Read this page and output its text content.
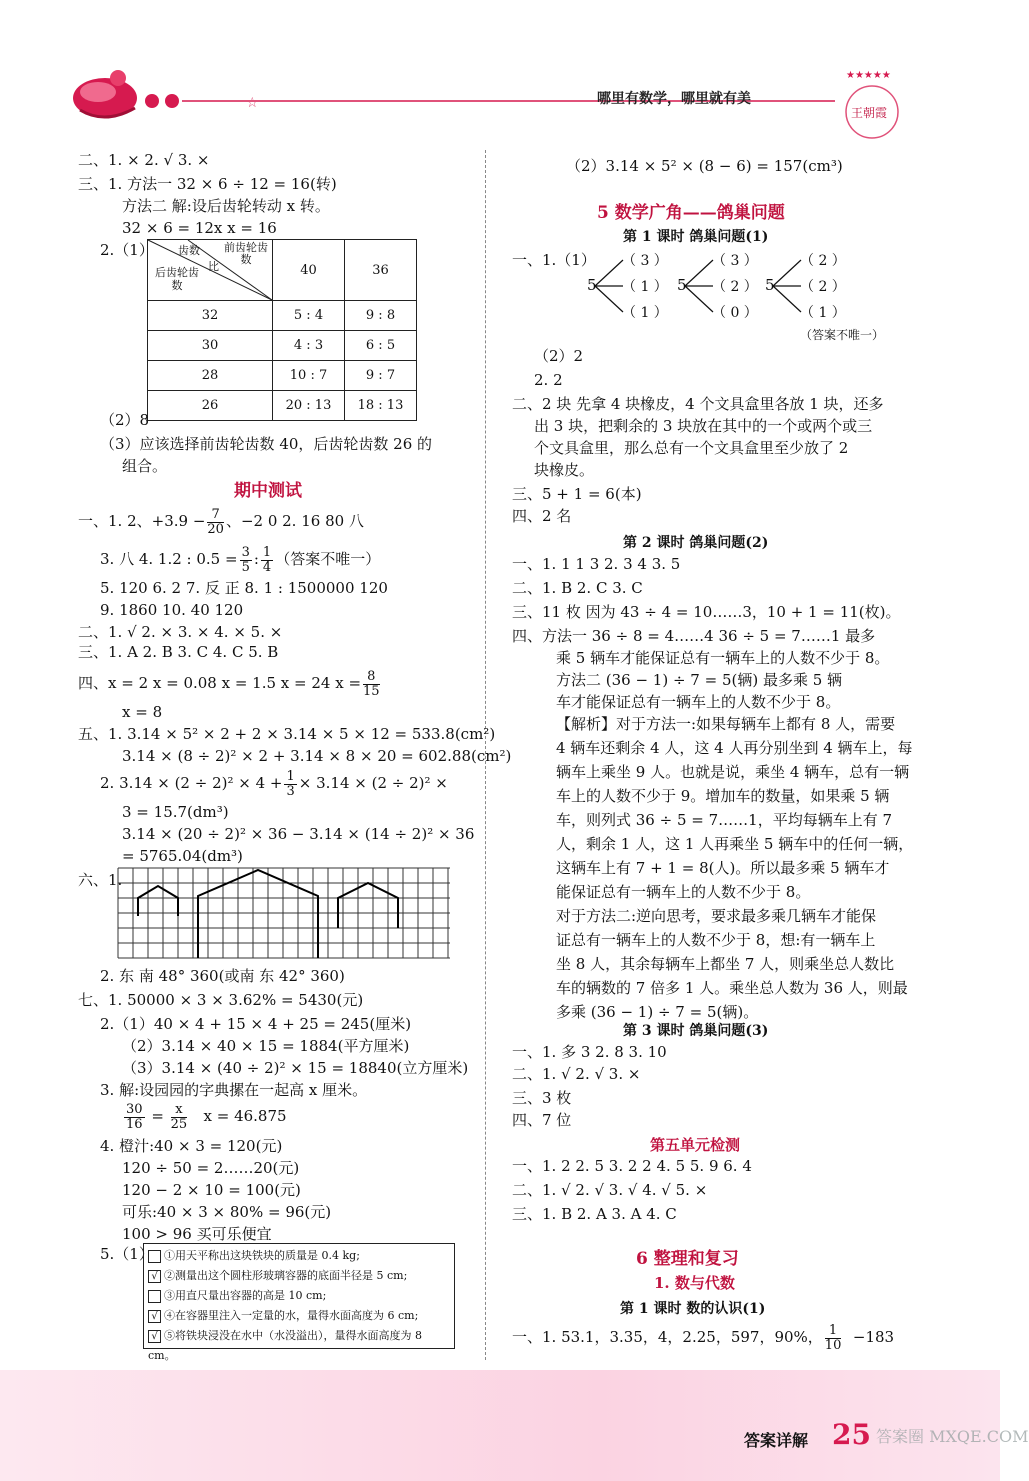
☆
★★★★★
哪里有数学，哪里就有美
王朝霞
二、1. × 2. √ 3. ×
三、1. 方法一 32 × 6 ÷ 12 = 16(转)
方法二 解:设后齿轮转动 x 转。
32 × 6 = 12x x = 16
2.（1） 齿数
比
前齿轮齿数
后齿轮齿数	40	36
32	5 : 4	9 : 8
30	4 : 3	6 : 5
28	10 : 7	9 : 7
26	20 : 13	18 : 13
（2）8
（3）应该选择前齿轮齿数 40，后齿轮齿数 26 的
组合。
期中测试
一、1. 2、$+3.9 - \frac{7}{20}$ 、−2 0 2. 16 80 八
3. 八 4. 1.2 : $0.5 = \frac{3}{5}$ : $\frac{1}{4}$ （答案不唯一）
5. 120 6. 2 7. 反 正 8. 1 : 1500000 120
9. 1860 10. 40 120
二、1. √ 2. × 3. × 4. × 5. ×
三、1. A 2. B 3. C 4. C 5. B
四、x = 2 x = 0.08 x = 1.5 x = 24 $x = \frac{8}{15}$
x = 8
五、1. 3.14 × 5² × 2 + 2 × 3.14 × 5 × 12 = 533.8(cm²)
3.14 × (8 ÷ 2)² × 2 + 3.14 × 8 × 20 = 602.88(cm²)
2. $3.14 \times (2 \div 2)^2 \times 4 + \frac{1}{3} \times 3.14 \times (2 \div 2)^2$ ×
3 = 15.7(dm³)
3.14 × (20 ÷ 2)² × 36 − 3.14 × (14 ÷ 2)² × 36
= 5765.04(dm³)
六、1.
2. 东 南 48° 360(或南 东 42° 360)
七、1. 50000 × 3 × 3.62% = 5430(元)
2.（1）40 × 4 + 15 × 4 + 25 = 245(厘米)
（2）3.14 × 40 × 15 = 1884(平方厘米)
（3）3.14 × (40 ÷ 2)² × 15 = 18840(立方厘米)
3. 解:设园园的字典摞在一起高 x 厘米。
$\frac{30}{16} = \frac{x}{25}$ x = 46.875
4. 橙汁:40 × 3 = 120(元)
120 ÷ 50 = 2……20(元)
120 − 2 × 10 = 100(元)
可乐:40 × 3 × 80% = 96(元)
100 > 96 买可乐便宜
5.（1） ①用天平称出这块铁块的质量是 0.4 kg;
√ ②测量出这个圆柱形玻璃容器的底面半径是 5 cm;
③用直尺量出容器的高是 10 cm;
√ ④在容器里注入一定量的水，量得水面高度为 6 cm;
√ ⑤将铁块浸没在水中（水没溢出），量得水面高度为 8 cm。
（2）3.14 × 5² × (8 − 6) = 157(cm³)
5 数学广角——鸽巢问题
第 1 课时 鸽巢问题(1)
一、1.（1）
5
（ 3 ）
（ 1 ）
（ 1 ）
5
（ 3 ）
（ 2 ）
（ 0 ）
5
（ 2 ）
（ 2 ）
（ 1 ）
（答案不唯一）
（2）2
2. 2
二、2 块 先拿 4 块橡皮，4 个文具盒里各放 1 块，还多
出 3 块，把剩余的 3 块放在其中的一个或两个或三
个文具盒里，那么总有一个文具盒里至少放了 2
块橡皮。
三、5 + 1 = 6(本)
四、2 名
第 2 课时 鸽巢问题(2)
一、1. 1 1 3 2. 3 4 3. 5
二、1. B 2. C 3. C
三、11 枚 因为 43 ÷ 4 = 10……3，10 + 1 = 11(枚)。
四、方法一 36 ÷ 8 = 4……4 36 ÷ 5 = 7……1 最多
乘 5 辆车才能保证总有一辆车上的人数不少于 8。
方法二 (36 − 1) ÷ 7 = 5(辆) 最多乘 5 辆
车才能保证总有一辆车上的人数不少于 8。
【解析】对于方法一:如果每辆车上都有 8 人，需要
4 辆车还剩余 4 人，这 4 人再分别坐到 4 辆车上，每
辆车上乘坐 9 人。也就是说，乘坐 4 辆车，总有一辆
车上的人数不少于 9。增加车的数量，如果乘 5 辆
车，则列式 36 ÷ 5 = 7……1，平均每辆车上有 7
人，剩余 1 人，这 1 人再乘坐 5 辆车中的任何一辆，
这辆车上有 7 + 1 = 8(人)。所以最多乘 5 辆车才
能保证总有一辆车上的人数不少于 8。
对于方法二:逆向思考，要求最多乘几辆车才能保
证总有一辆车上的人数不少于 8，想:有一辆车上
坐 8 人，其余每辆车上都坐 7 人，则乘坐总人数比
车的辆数的 7 倍多 1 人。乘坐总人数为 36 人，则最
多乘 (36 − 1) ÷ 7 = 5(辆)。
第 3 课时 鸽巢问题(3)
一、1. 多 3 2. 8 3. 10
二、1. √ 2. √ 3. ×
三、3 枚
四、7 位
第五单元检测
一、1. 2 2. 5 3. 2 2 4. 5 5. 9 6. 4
二、1. √ 2. √ 3. √ 4. √ 5. ×
三、1. B 2. A 3. A 4. C
6 整理和复习
1. 数与代数
第 1 课时 数的认识(1)
一、1. 53.1，3.35，4，2.25，597，90%， $\frac{1}{10} -183$
答案详解 25 答案圈 MXQE.COM
